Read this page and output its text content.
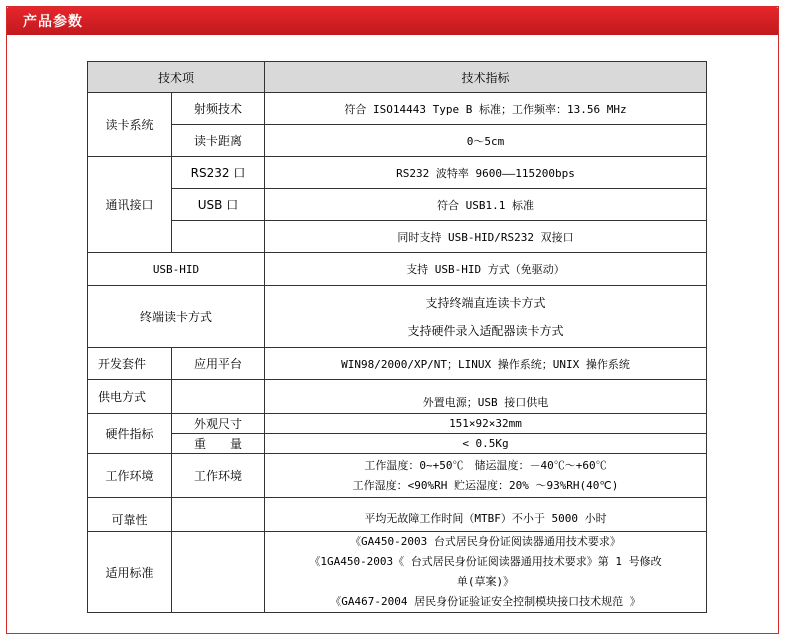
产品参数
技术项		技术指标
读卡系统	射频技术	符合 ISO14443 Type B 标准；工作频率：13.56 MHz
	读卡距离	0～5cm
通讯接口	RS232 口	RS232 波特率 9600——115200bps
	USB 口	符合 USB1.1 标准
		同时支持 USB-HID/RS232 双接口
USB-HID		支持 USB-HID 方式（免驱动）
终端读卡方式		支持终端直连读卡方式
支持硬件录入适配器读卡方式

开发套件	应用平台	WIN98/2000/XP/NT；LINUX 操作系统；UNIX 操作系统
供电方式		外置电源；USB 接口供电
硬件指标	外观尺寸	151×92×32mm
	重　　量	< 0.5Kg
工作环境	工作环境	工作温度：0~+50℃　储运温度：－40℃～+60℃
工作湿度：<90%RH 贮运湿度：20% ～93%RH(40℃)

可靠性		平均无故障工作时间（MTBF）不小于 5000 小时
适用标准		《GA450-2003 台式居民身份证阅读器通用技术要求》
《1GA450-2003《 台式居民身份证阅读器通用技术要求》第 1 号修改
单(草案)》
《GA467-2004 居民身份证验证安全控制模块接口技术规范 》
